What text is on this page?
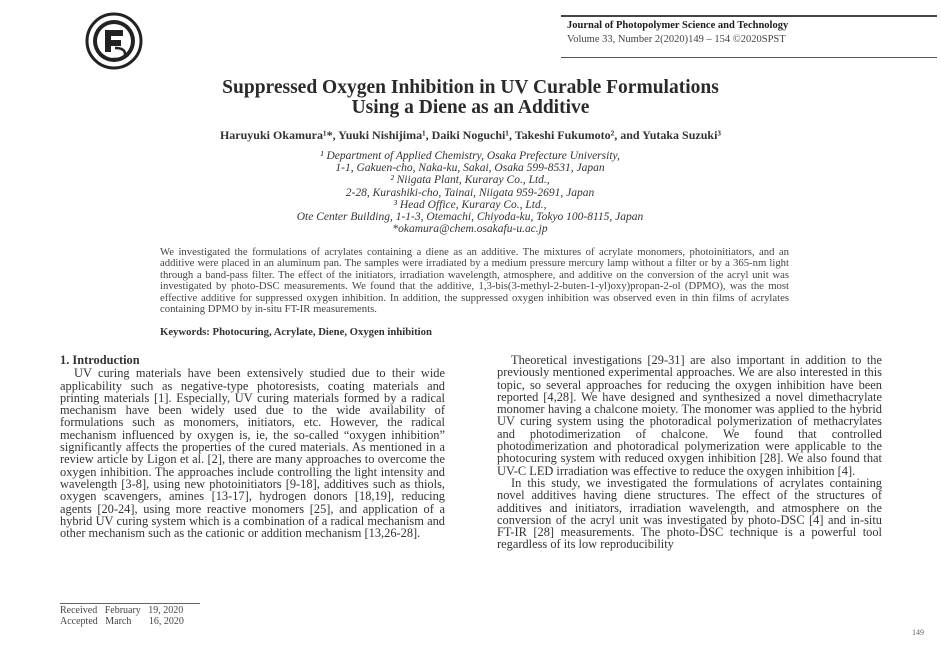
Journal of Photopolymer Science and Technology
Volume 33, Number 2(2020)149 – 154 ©2020SPST
Suppressed Oxygen Inhibition in UV Curable Formulations
Using a Diene as an Additive
Haruyuki Okamura¹*, Yuuki Nishijima¹, Daiki Noguchi¹, Takeshi Fukumoto², and Yutaka Suzuki³
¹ Department of Applied Chemistry, Osaka Prefecture University,
1-1, Gakuen-cho, Naka-ku, Sakai, Osaka 599-8531, Japan
² Niigata Plant, Kuraray Co., Ltd.,
2-28, Kurashiki-cho, Tainai, Niigata 959-2691, Japan
³ Head Office, Kuraray Co., Ltd.,
Ote Center Building, 1-1-3, Otemachi, Chiyoda-ku, Tokyo 100-8115, Japan
*okamura@chem.osakafu-u.ac.jp
We investigated the formulations of acrylates containing a diene as an additive. The mixtures of acrylate monomers, photoinitiators, and an additive were placed in an aluminum pan. The samples were irradiated by a medium pressure mercury lamp without a filter or by a 365-nm light through a band-pass filter. The effect of the initiators, irradiation wavelength, atmosphere, and additive on the conversion of the acryl unit was investigated by photo-DSC measurements. We found that the additive, 1,3-bis(3-methyl-2-buten-1-yl)oxy)propan-2-ol (DPMO), was the most effective additive for suppressed oxygen inhibition. In addition, the suppressed oxygen inhibition was observed even in thin films of acrylates containing DPMO by in-situ FT-IR measurements.
Keywords: Photocuring, Acrylate, Diene, Oxygen inhibition
1. Introduction

UV curing materials have been extensively studied due to their wide applicability such as negative-type photoresists, coating materials and printing materials [1]. Especially, UV curing materials formed by a radical mechanism have been widely used due to the wide availability of formulations such as monomers, initiators, etc. However, the radical mechanism influenced by oxygen is, ie, the so-called “oxygen inhibition” significantly affects the properties of the cured materials. As mentioned in a review article by Ligon et al. [2], there are many approaches to overcome the oxygen inhibition. The approaches include controlling the light intensity and wavelength [3-8], using new photoinitiators [9-18], additives such as thiols, oxygen scavengers, amines [13-17], hydrogen donors [18,19], reducing agents [20-24], using more reactive monomers [25], and application of a hybrid UV curing system which is a combination of a radical mechanism and other mechanism such as the cationic or addition mechanism [13,26-28].

Theoretical investigations [29-31] are also important in addition to the previously mentioned experimental approaches. We are also interested in this topic, so several approaches for reducing the oxygen inhibition have been reported [4,28]. We have designed and synthesized a novel dimethacrylate monomer having a chalcone moiety. The monomer was applied to the hybrid UV curing system using the photoradical polymerization of methacrylates and photodimerization of chalcone. We found that controlled photodimerization and photoradical polymerization were applicable to the photocuring system with reduced oxygen inhibition [28]. We also found that UV-C LED irradiation was effective to reduce the oxygen inhibition [4].

In this study, we investigated the formulations of acrylates containing novel additives having diene structures. The effect of the structures of additives and initiators, irradiation wavelength, and atmosphere on the conversion of the acryl unit was investigated by photo-DSC [4] and in-situ FT-IR [28] measurements. The photo-DSC technique is a powerful tool regardless of its low reproducibility

Received   February   19, 2020
Accepted   March       16, 2020
149
